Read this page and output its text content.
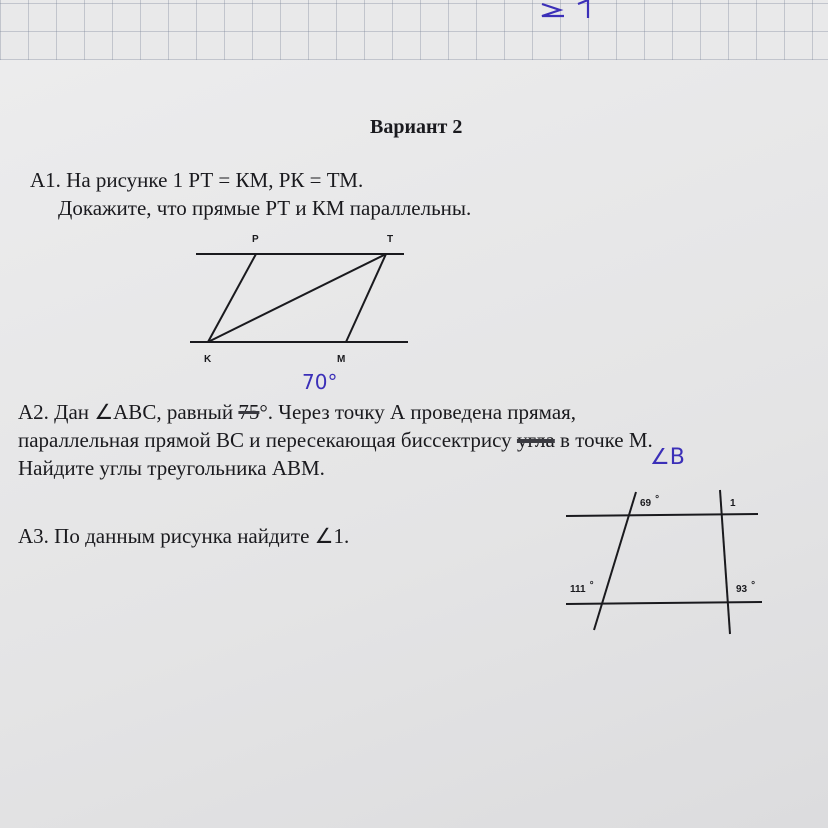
Вариант 2
А1. На рисунке 1 РТ = КМ, РК = ТМ.
Докажите, что прямые РТ и КМ параллельны.
P	T
K	M
70°
А2. Дан ∠АВС, равный 75°. Через точку А проведена прямая,
параллельная прямой ВС и пересекающая биссектрису угла в точке М.
∠B
Найдите углы треугольника АВМ.
А3. По данным рисунка найдите ∠1.
69 °	1
111 °	93 °
